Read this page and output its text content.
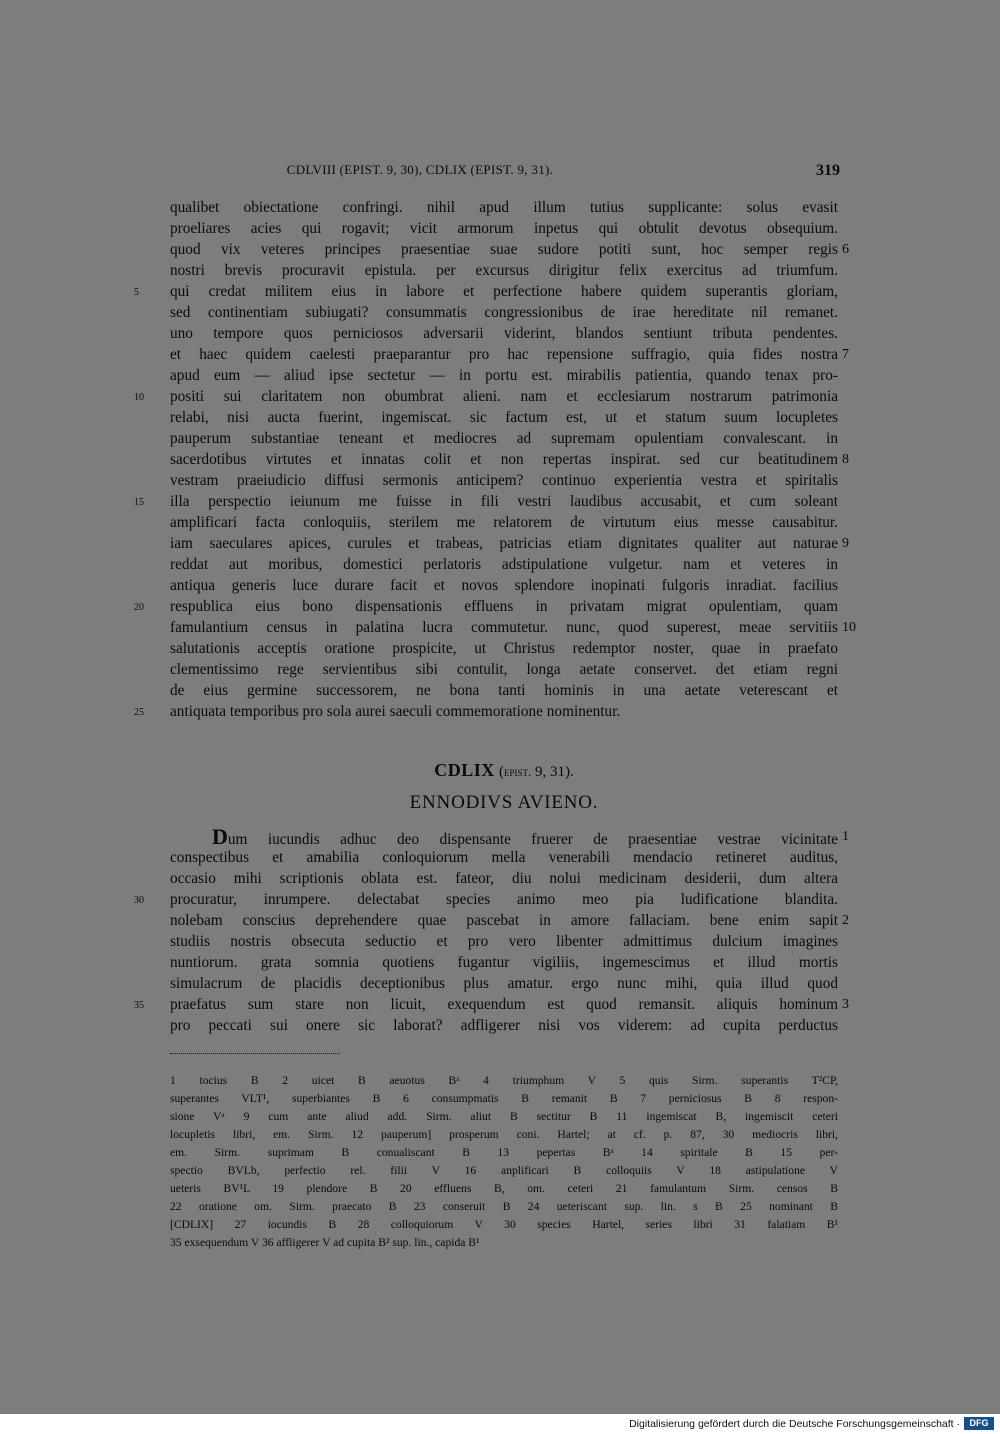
CDLVIII (EPIST. 9, 30), CDLIX (EPIST. 9, 31).	319
qualibet obiectatione confringi. nihil apud illum tutius supplicante: solus evasit
proeliares acies qui rogavit; vicit armorum inpetus qui obtulit devotus obsequium.
quod vix veteres principes praesentiae suae sudore potiti sunt, hoc semper regis 6
nostri brevis procuravit epistula. per excursus dirigitur felix exercitus ad triumfum.
qui credat militem eius in labore et perfectione habere quidem superantis gloriam,
5
sed continentiam subiugati? consummatis congressionibus de irae hereditate nil remanet.
uno tempore quos perniciosos adversarii viderint, blandos sentiunt tributa pendentes.
et haec quidem caelesti praeparantur pro hac repensione suffragio, quia fides nostra 7
apud eum — aliud ipse sectetur — in portu est. mirabilis patientia, quando tenax pro-
positi sui claritatem non obumbrat alieni. nam et ecclesiarum nostrarum patrimonia
10
relabi, nisi aucta fuerint, ingemiscat. sic factum est, ut et statum suum locupletes
pauperum substantiae teneant et mediocres ad supremam opulentiam convalescant. in
sacerdotibus virtutes et innatas colit et non repertas inspirat. sed cur beatitudinem 8
vestram praeiudicio diffusi sermonis anticipem? continuo experientia vestra et spiritalis
illa perspectio ieiunum me fuisse in fili vestri laudibus accusabit, et cum soleant
15
amplificari facta conloquiis, sterilem me relatorem de virtutum eius messe causabitur.
iam saeculares apices, curules et trabeas, patricias etiam dignitates qualiter aut naturae 9
reddat aut moribus, domestici perlatoris adstipulatione vulgetur. nam et veteres in
antiqua generis luce durare facit et novos splendore inopinati fulgoris inradiat. facilius
respublica eius bono dispensationis effluens in privatam migrat opulentiam, quam
20
famulantium census in palatina lucra commutetur. nunc, quod superest, meae servitiis 10
salutationis acceptis oratione prospicite, ut Christus redemptor noster, quae in praefato
clementissimo rege servientibus sibi contulit, longa aetate conservet. det etiam regni
de eius germine successorem, ne bona tanti hominis in una aetate veterescant et
antiquata temporibus pro sola aurei saeculi commemoratione nominentur.
25
CDLIX (epist. 9, 31).
ENNODIVS AVIENO.
Dum iucundis adhuc deo dispensante fruerer de praesentiae vestrae vicinitate 1
conspectibus et amabilia conloquiorum mella venerabili mendacio retineret auditus,
occasio mihi scriptionis oblata est. fateor, diu nolui medicinam desiderii, dum altera
procuratur, inrumpere. delectabat species animo meo pia ludificatione blandita.
30
nolebam conscius deprehendere quae pascebat in amore fallaciam. bene enim sapit 2
studiis nostris obsecuta seductio et pro vero libenter admittimus dulcium imagines
nuntiorum. grata somnia quotiens fugantur vigiliis, ingemescimus et illud mortis
simulacrum de placidis deceptionibus plus amatur. ergo nunc mihi, quia illud quod
praefatus sum stare non licuit, exequendum est quod remansit. aliquis hominum
35	3
pro peccati sui onere sic laborat? adfligerer nisi vos viderem: ad cupita perductus
1 tocius B 2 uicet B aeuotus Bᵃ 4 triumphum V 5 quis Sirm. superantis T²CP,
superantes VLT¹, superbiantes B 6 consumpmatis B remanit B 7 perniciosus B 8 respon-
sione Vᵃ 9 cum ante aliud add. Sirm. aliut B sectitur B 11 ingemiscat B, ingemiscit ceteri
locupletis libri, em. Sirm. 12 pauperum] prosperum coni. Hartel; at cf. p. 87, 30 mediocris libri,
em. Sirm. suprimam B conualiscant B 13 pepertas Bᵃ 14 spiritale B 15 per-
spectio BVLb, perfectio rel. filii V 16 anplificari B colloquiis V 18 astipulatione V
ueteris BV¹L 19 plendore B 20 effluens B, om. ceteri 21 famulantum Sirm. censos B
22 oratione om. Sirm. praecato B 23 conseruit B 24 ueteriscant sup. lin. s B 25 nominant B
[CDLIX] 27 iocundis B 28 colloquiorum V 30 species Hartel, series libri 31 falatiam B¹
35 exsequendum V 36 affligerer V ad cupita B² sup. lin., capida B¹
Digitalisierung gefördert durch die Deutsche Forschungsgemeinschaft ·	DFG
